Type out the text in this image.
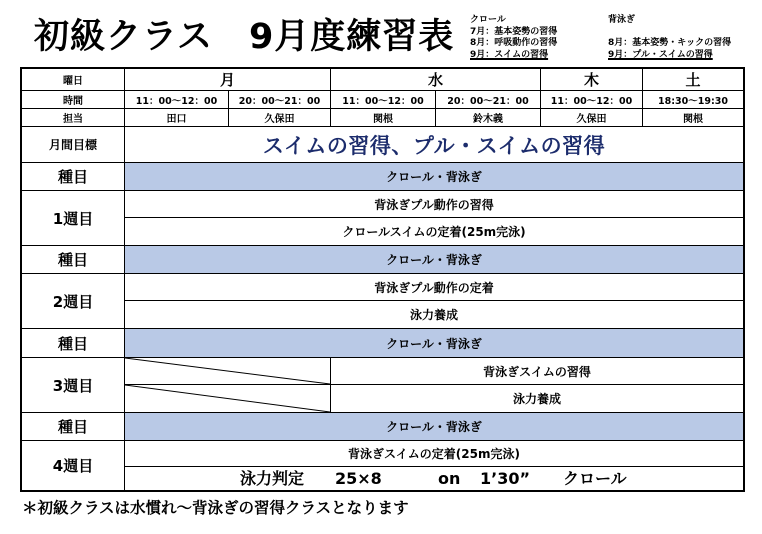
初級クラス　9月度練習表 クロール
7月：基本姿勢の習得
8月：呼吸動作の習得
9月：スイムの習得
背泳ぎ
8月：基本姿勢・キックの習得
9月：プル・スイムの習得
曜日	月	水	木	土
時間	11：00～12：00	20：00～21：00	11：00～12：00	20：00～21：00	11：00～12：00	18:30～19:30
担当	田口	久保田	関根	鈴木義	久保田	関根
月間目標	スイムの習得、プル・スイムの習得
種目	クロール・背泳ぎ
1週目
背泳ぎプル動作の習得
クロールスイムの定着(25m完泳)
種目	クロール・背泳ぎ
2週目
背泳ぎプル動作の定着
泳力養成
種目	クロール・背泳ぎ
3週目
背泳ぎスイムの習得
泳力養成
種目	クロール・背泳ぎ
4週目
背泳ぎスイムの定着(25m完泳)
泳力判定 25×8	on 1’30” クロール
＊初級クラスは水慣れ～背泳ぎの習得クラスとなります
